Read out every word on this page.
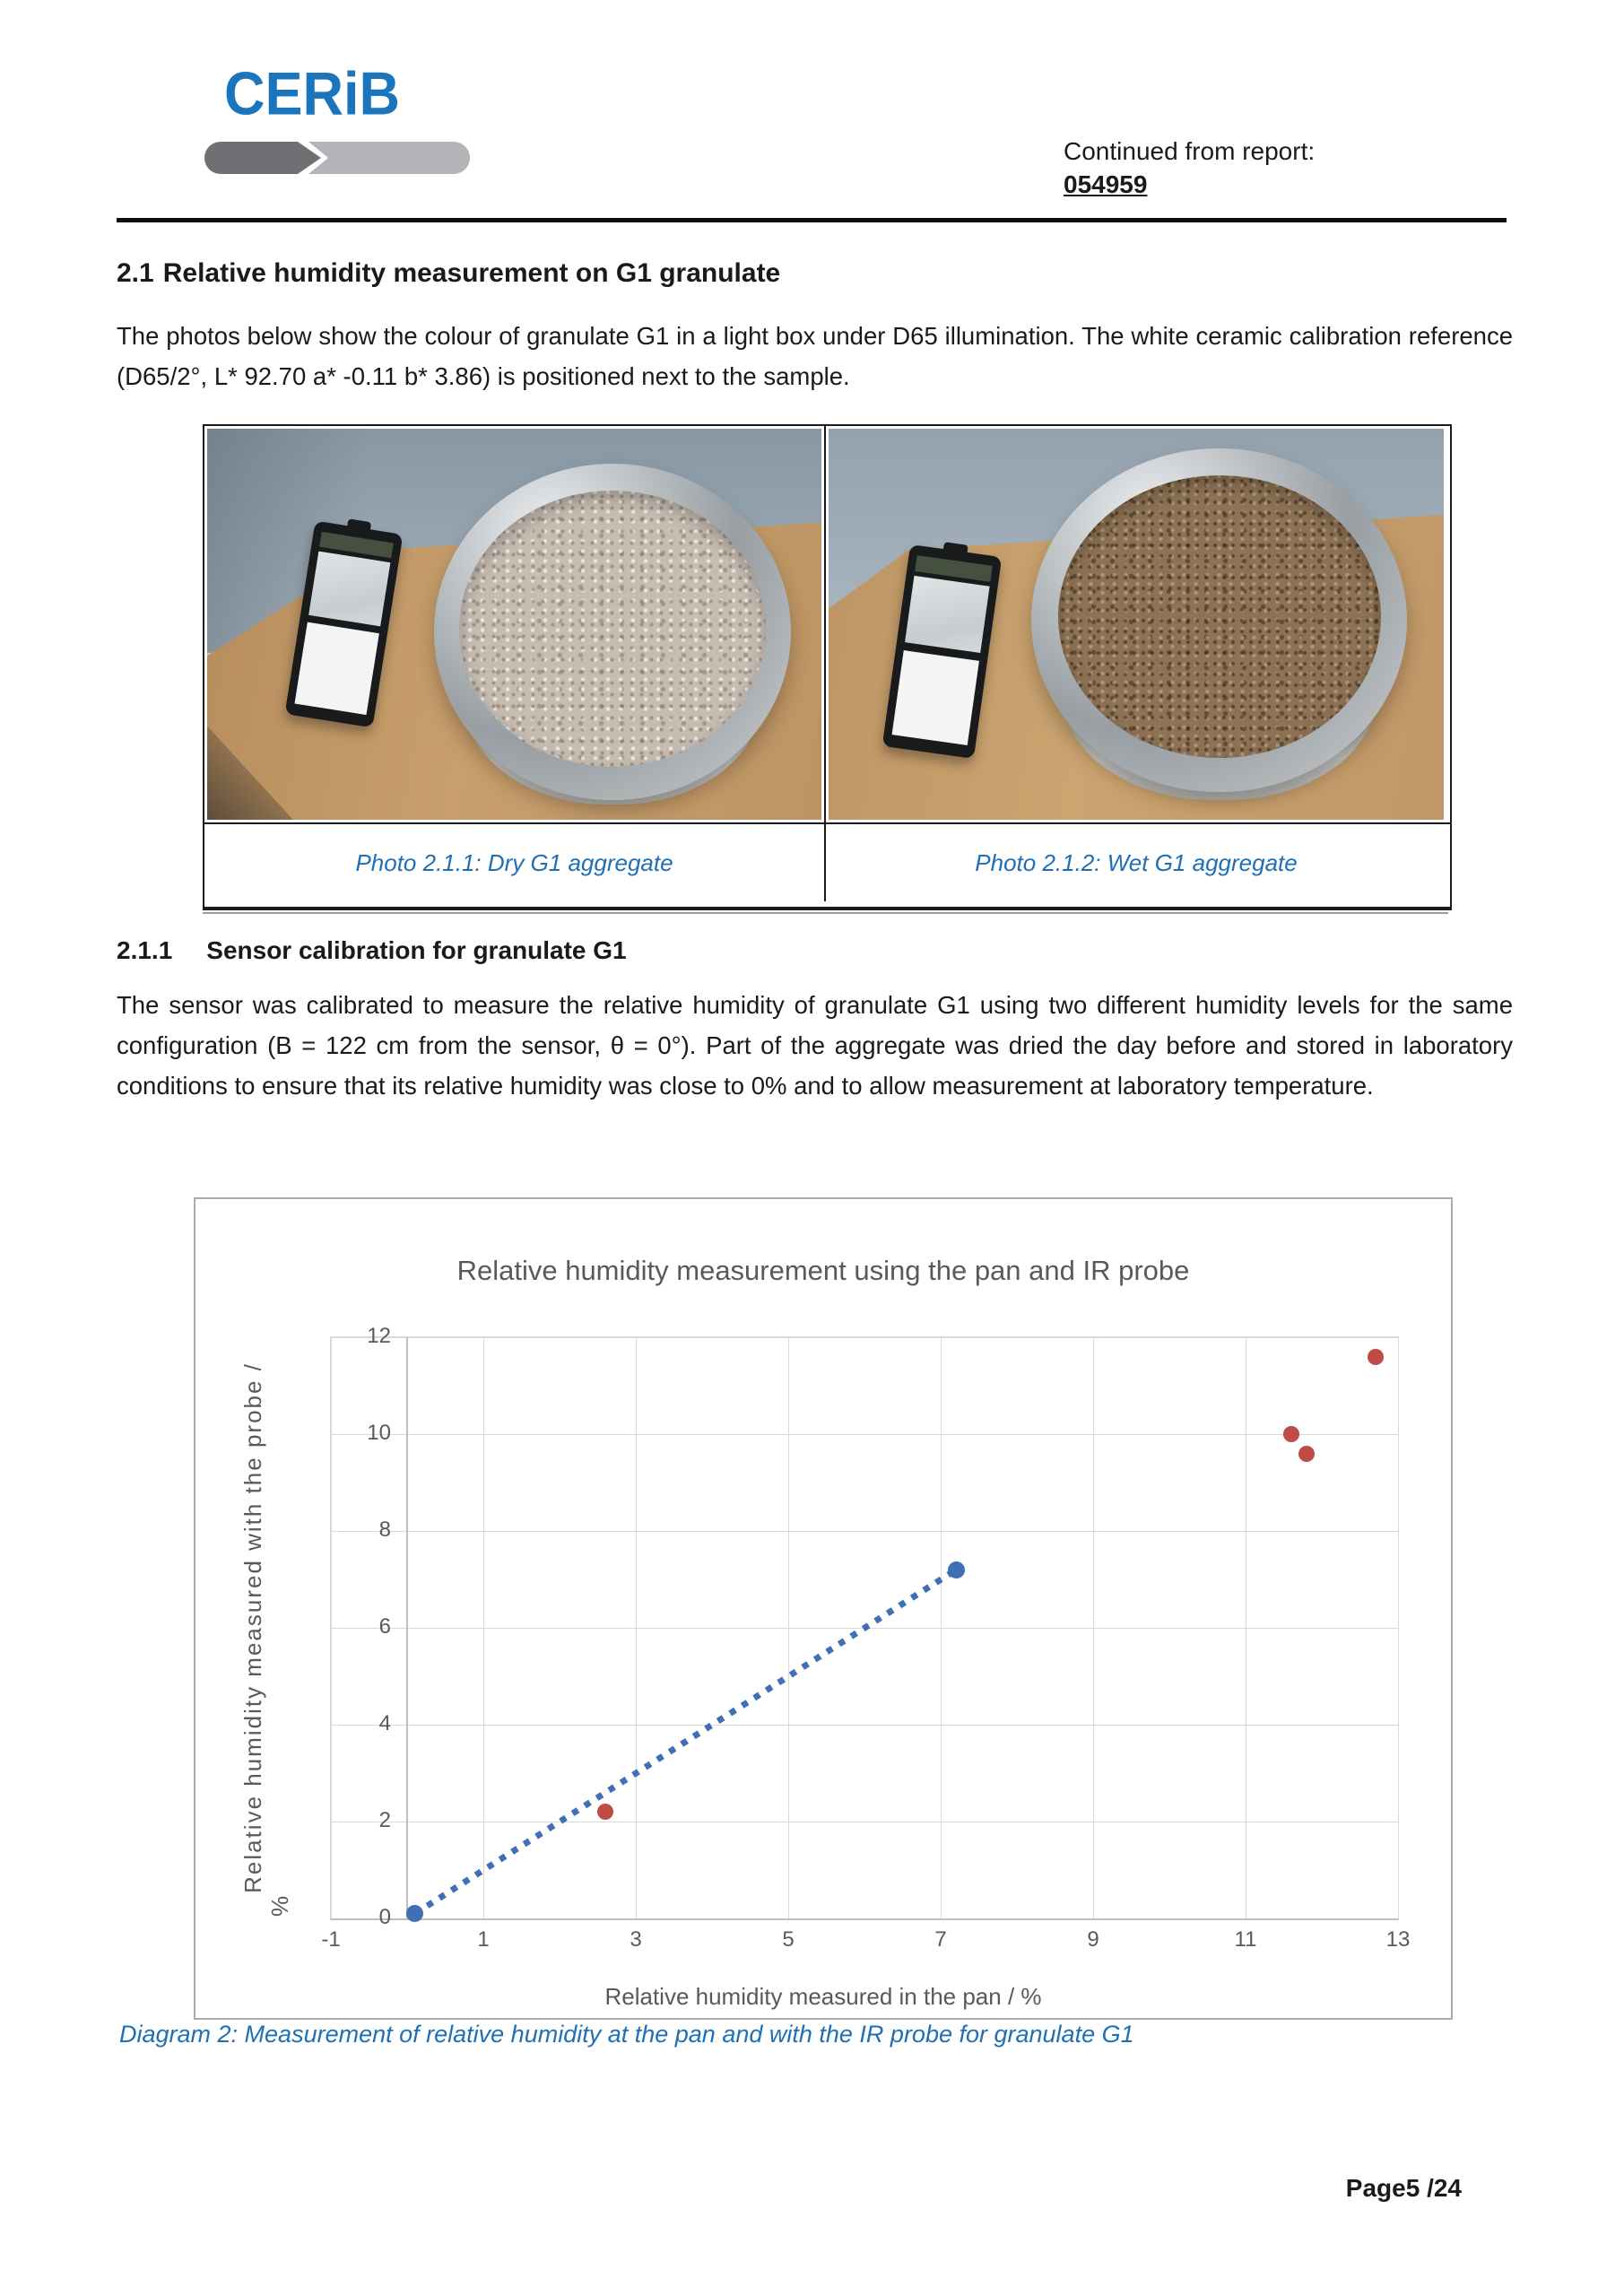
CERiB
Continued from report:
054959
2.1 Relative humidity measurement on G1 granulate
The photos below show the colour of granulate G1 in a light box under D65 illumination. The white ceramic calibration reference (D65/2°, L* 92.70 a* -0.11 b* 3.86) is positioned next to the sample.
Photo 2.1.1: Dry G1 aggregate	Photo 2.1.2: Wet G1 aggregate
2.1.1 Sensor calibration for granulate G1
The sensor was calibrated to measure the relative humidity of granulate G1 using two different humidity levels for the same configuration (B = 122 cm from the sensor, θ = 0°). Part of the aggregate was dried the day before and stored in laboratory conditions to ensure that its relative humidity was close to 0% and to allow measurement at laboratory temperature.
Relative humidity measurement using the pan and IR probe
-1	1	3	5	7	9	11	13
0
2
4
6
8
10
12
Relative humidity measured in the pan / %
Relative humidity measured with the probe /
%
Diagram 2: Measurement of relative humidity at the pan and with the IR probe for granulate G1
Page5 /24
